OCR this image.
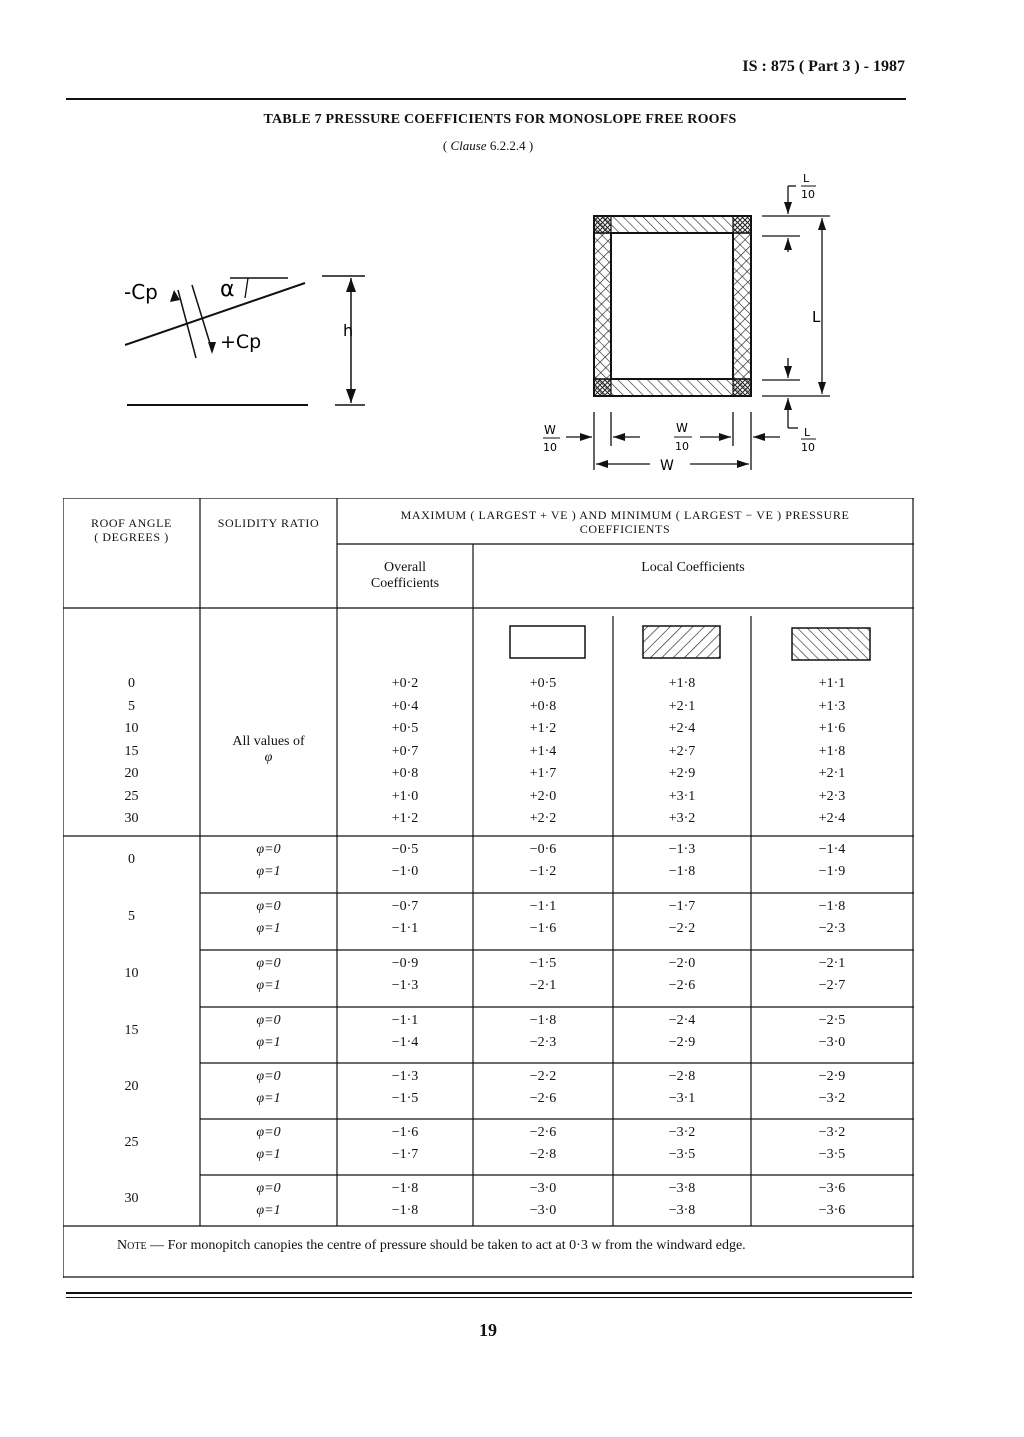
IS : 875 ( Part 3 ) - 1987
TABLE 7 PRESSURE COEFFICIENTS FOR MONOSLOPE FREE ROOFS
( Clause 6.2.2.4 )
-Cp
+Cp
α
h
L
L
10
L
10
W
10
W
10
W
ROOF ANGLE
( DEGREES )
SOLIDITY RATIO
MAXIMUM ( LARGEST + VE ) AND MINIMUM ( LARGEST − VE ) PRESSURE
COEFFICIENTS
Overall
Coefficients
Local Coefficients
0
5
10
15
20
25
30
All values of
φ
+0·2
+0·4
+0·5
+0·7
+0·8
+1·0
+1·2
+0·5
+0·8
+1·2
+1·4
+1·7
+2·0
+2·2
+1·8
+2·1
+2·4
+2·7
+2·9
+3·1
+3·2
+1·1
+1·3
+1·6
+1·8
+2·1
+2·3
+2·4
0
φ=0
φ=1
−0·5
−1·0
−0·6
−1·2
−1·3
−1·8
−1·4
−1·9
5
φ=0
φ=1
−0·7
−1·1
−1·1
−1·6
−1·7
−2·2
−1·8
−2·3
10
φ=0
φ=1
−0·9
−1·3
−1·5
−2·1
−2·0
−2·6
−2·1
−2·7
15
φ=0
φ=1
−1·1
−1·4
−1·8
−2·3
−2·4
−2·9
−2·5
−3·0
20
φ=0
φ=1
−1·3
−1·5
−2·2
−2·6
−2·8
−3·1
−2·9
−3·2
25
φ=0
φ=1
−1·6
−1·7
−2·6
−2·8
−3·2
−3·5
−3·2
−3·5
30
φ=0
φ=1
−1·8
−1·8
−3·0
−3·0
−3·8
−3·8
−3·6
−3·6
Note — For monopitch canopies the centre of pressure should be taken to act at 0·3 w from the windward edge.
19
